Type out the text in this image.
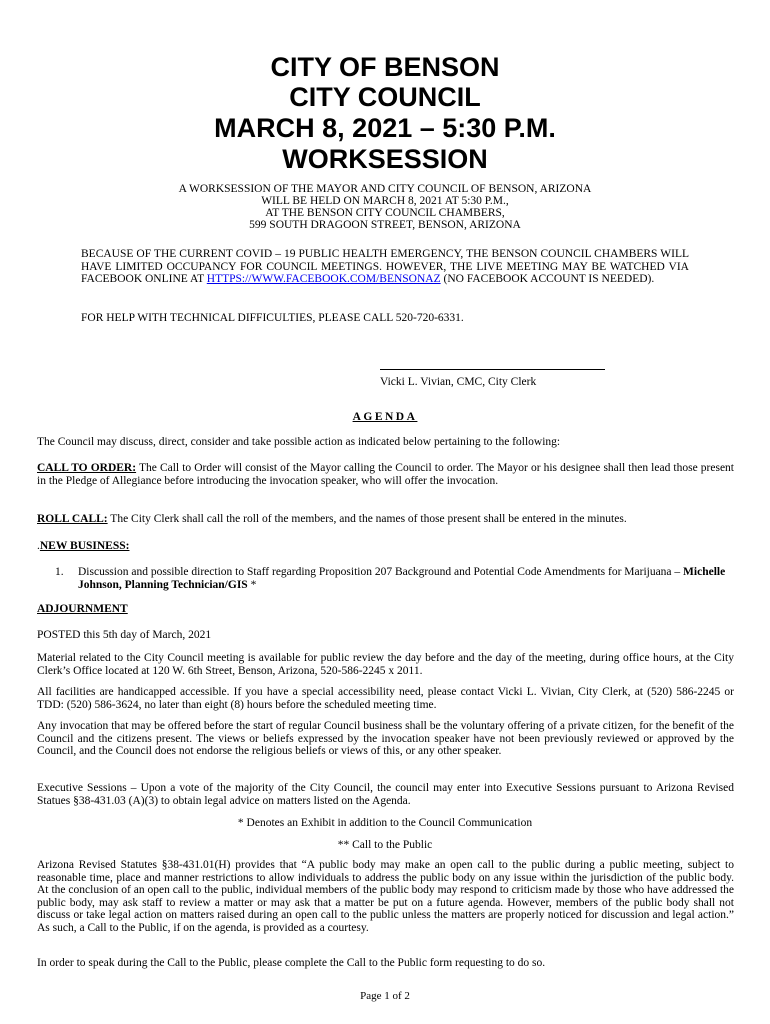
CITY OF BENSON
CITY COUNCIL
MARCH 8, 2021 – 5:30 P.M.
WORKSESSION
A WORKSESSION OF THE MAYOR AND CITY COUNCIL OF BENSON, ARIZONA
WILL BE HELD ON MARCH 8, 2021 AT 5:30 P.M.,
AT THE BENSON CITY COUNCIL CHAMBERS,
599 SOUTH DRAGOON STREET, BENSON, ARIZONA
BECAUSE OF THE CURRENT COVID – 19 PUBLIC HEALTH EMERGENCY, THE BENSON COUNCIL CHAMBERS WILL HAVE LIMITED OCCUPANCY FOR COUNCIL MEETINGS. HOWEVER, THE LIVE MEETING MAY BE WATCHED VIA FACEBOOK ONLINE AT HTTPS://WWW.FACEBOOK.COM/BENSONAZ (NO FACEBOOK ACCOUNT IS NEEDED).
FOR HELP WITH TECHNICAL DIFFICULTIES, PLEASE CALL 520-720-6331.
Vicki L. Vivian, CMC, City Clerk
AGENDA
The Council may discuss, direct, consider and take possible action as indicated below pertaining to the following:
CALL TO ORDER: The Call to Order will consist of the Mayor calling the Council to order. The Mayor or his designee shall then lead those present in the Pledge of Allegiance before introducing the invocation speaker, who will offer the invocation.
ROLL CALL: The City Clerk shall call the roll of the members, and the names of those present shall be entered in the minutes.
.NEW BUSINESS:
1.	Discussion and possible direction to Staff regarding Proposition 207 Background and Potential Code Amendments for Marijuana – Michelle Johnson, Planning Technician/GIS *
ADJOURNMENT
POSTED this 5th day of March, 2021
Material related to the City Council meeting is available for public review the day before and the day of the meeting, during office hours, at the City Clerk’s Office located at 120 W. 6th Street, Benson, Arizona, 520-586-2245 x 2011.
All facilities are handicapped accessible. If you have a special accessibility need, please contact Vicki L. Vivian, City Clerk, at (520) 586-2245 or TDD: (520) 586-3624, no later than eight (8) hours before the scheduled meeting time.
Any invocation that may be offered before the start of regular Council business shall be the voluntary offering of a private citizen, for the benefit of the Council and the citizens present. The views or beliefs expressed by the invocation speaker have not been previously reviewed or approved by the Council, and the Council does not endorse the religious beliefs or views of this, or any other speaker.
Executive Sessions – Upon a vote of the majority of the City Council, the council may enter into Executive Sessions pursuant to Arizona Revised Statues §38-431.03 (A)(3) to obtain legal advice on matters listed on the Agenda.
* Denotes an Exhibit in addition to the Council Communication
** Call to the Public
Arizona Revised Statutes §38-431.01(H) provides that “A public body may make an open call to the public during a public meeting, subject to reasonable time, place and manner restrictions to allow individuals to address the public body on any issue within the jurisdiction of the public body. At the conclusion of an open call to the public, individual members of the public body may respond to criticism made by those who have addressed the public body, may ask staff to review a matter or may ask that a matter be put on a future agenda. However, members of the public body shall not discuss or take legal action on matters raised during an open call to the public unless the matters are properly noticed for discussion and legal action.” As such, a Call to the Public, if on the agenda, is provided as a courtesy.
In order to speak during the Call to the Public, please complete the Call to the Public form requesting to do so.
Page 1 of 2
